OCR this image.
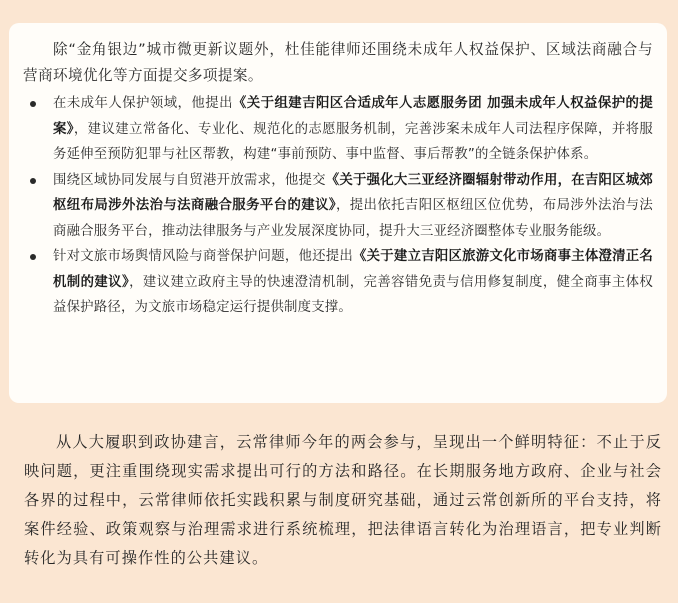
除“金角银边”城市微更新议题外，杜佳能律师还围绕未成年人权益保护、区域法商融合与营商环境优化等方面提交多项提案。

在未成年人保护领域，他提出《关于组建吉阳区合适成年人志愿服务团 加强未成年人权益保护的提案》，建议建立常备化、专业化、规范化的志愿服务机制，完善涉案未成年人司法程序保障，并将服务延伸至预防犯罪与社区帮教，构建“事前预防、事中监督、事后帮教”的全链条保护体系。
围绕区域协同发展与自贸港开放需求，他提交《关于强化大三亚经济圈辐射带动作用，在吉阳区城郊枢纽布局涉外法治与法商融合服务平台的建议》，提出依托吉阳区枢纽区位优势，布局涉外法治与法商融合服务平台，推动法律服务与产业发展深度协同，提升大三亚经济圈整体专业服务能级。
针对文旅市场舆情风险与商誉保护问题，他还提出《关于建立吉阳区旅游文化市场商事主体澄清正名机制的建议》，建议建立政府主导的快速澄清机制，完善容错免责与信用修复制度，健全商事主体权益保护路径，为文旅市场稳定运行提供制度支撑。

从人大履职到政协建言，云常律师今年的两会参与，呈现出一个鲜明特征：不止于反映问题，更注重围绕现实需求提出可行的方法和路径。在长期服务地方政府、企业与社会各界的过程中，云常律师依托实践积累与制度研究基础，通过云常创新所的平台支持，将案件经验、政策观察与治理需求进行系统梳理，把法律语言转化为治理语言，把专业判断转化为具有可操作性的公共建议。
